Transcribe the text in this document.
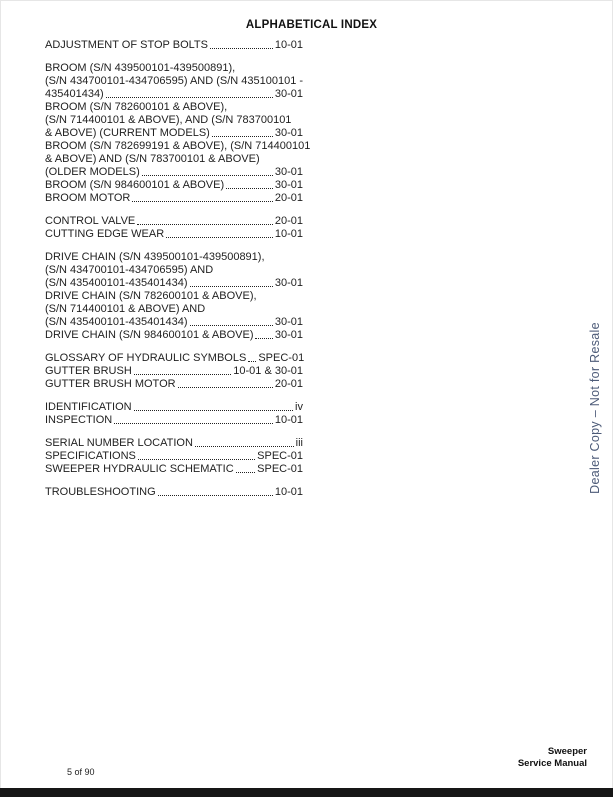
ALPHABETICAL INDEX
ADJUSTMENT OF STOP BOLTS	10-01
BROOM (S/N 439500101-439500891),
(S/N 434700101-434706595) AND (S/N 435100101 -
435401434)	30-01
BROOM (S/N 782600101 & ABOVE),
(S/N 714400101 & ABOVE), AND (S/N 783700101
& ABOVE) (CURRENT MODELS)	30-01
BROOM (S/N 782699191 & ABOVE), (S/N 714400101
& ABOVE) AND (S/N 783700101 & ABOVE)
(OLDER MODELS)	30-01
BROOM (S/N 984600101 & ABOVE)	30-01
BROOM MOTOR	20-01
CONTROL VALVE	20-01
CUTTING EDGE WEAR	10-01
DRIVE CHAIN (S/N 439500101-439500891),
(S/N 434700101-434706595) AND
(S/N 435400101-435401434)	30-01
DRIVE CHAIN (S/N 782600101 & ABOVE),
(S/N 714400101 & ABOVE) AND
(S/N 435400101-435401434)	30-01
DRIVE CHAIN (S/N 984600101 & ABOVE) 30-01
GLOSSARY OF HYDRAULIC SYMBOLS SPEC-01
GUTTER BRUSH	10-01 & 30-01
GUTTER BRUSH MOTOR	20-01
IDENTIFICATION	iv
INSPECTION	10-01
SERIAL NUMBER LOCATION	iii
SPECIFICATIONS	SPEC-01
SWEEPER HYDRAULIC SCHEMATIC SPEC-01
TROUBLESHOOTING	10-01	Dealer Copy – Not for Resale
5 of 90
Sweeper
Service Manual
